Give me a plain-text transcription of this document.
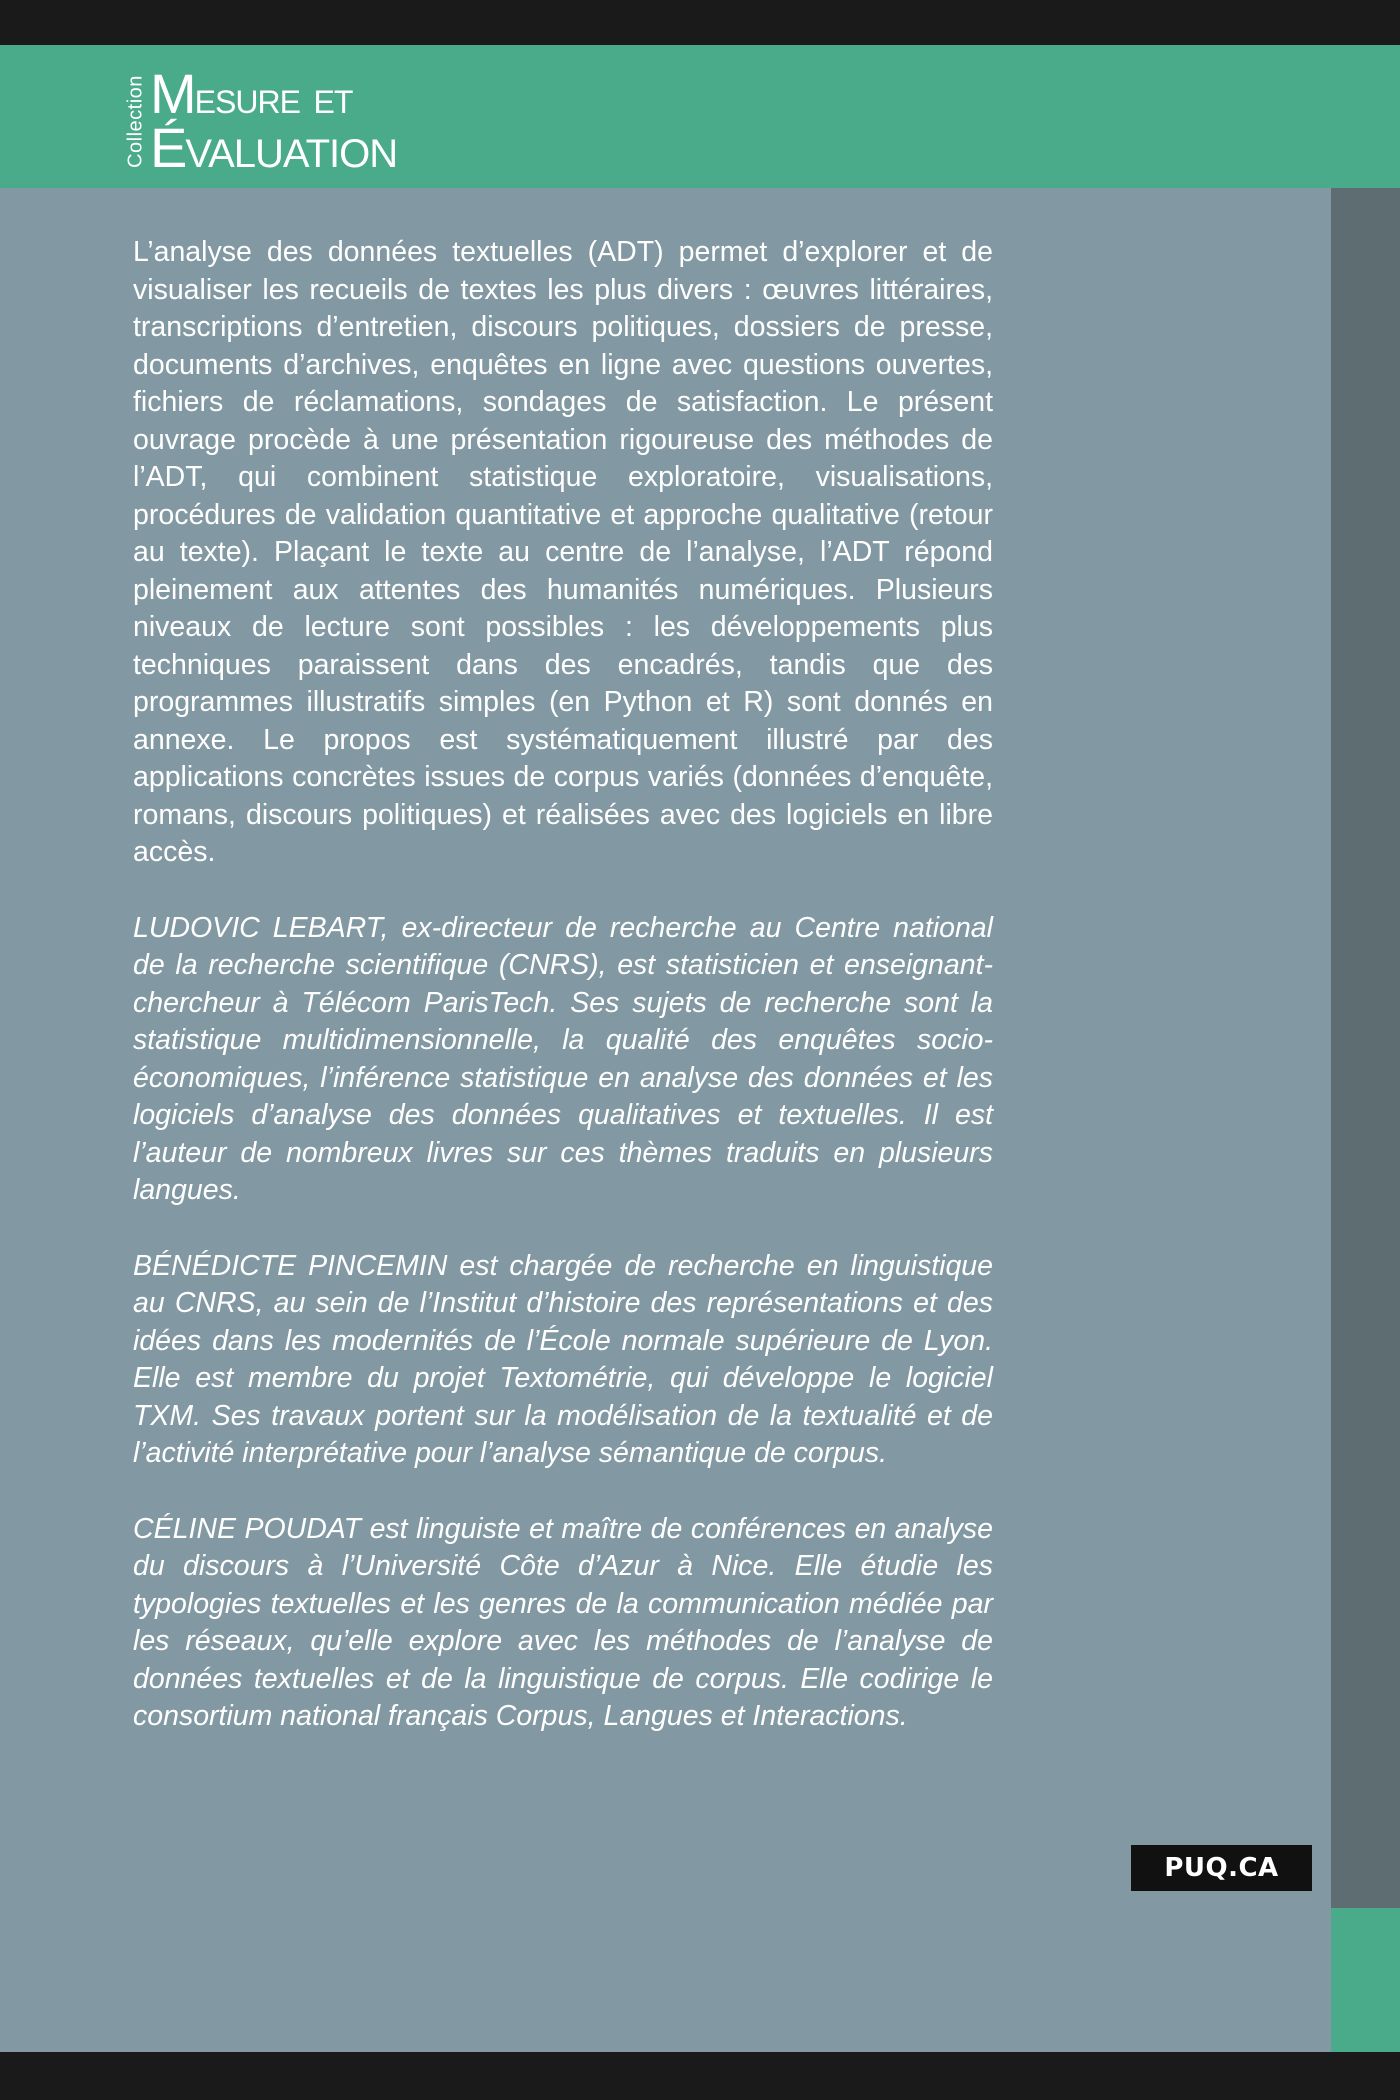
Collection MESURE ET
ÉVALUATION

L’analyse des données textuelles (ADT) permet d’explorer et de visualiser les recueils de textes les plus divers : œuvres littéraires, transcriptions d’entretien, discours politiques, dossiers de presse, documents d’archives, enquêtes en ligne avec questions ouvertes, fichiers de réclamations, sondages de satisfaction. Le présent ouvrage procède à une présentation rigoureuse des méthodes de l’ADT, qui combinent statistique exploratoire, visualisations, procédures de validation quantitative et approche qualitative (retour au texte). Plaçant le texte au centre de l’analyse, l’ADT répond pleinement aux attentes des humanités numériques. Plusieurs niveaux de lecture sont possibles : les développements plus techniques paraissent dans des encadrés, tandis que des programmes illustratifs simples (en Python et R) sont donnés en annexe. Le propos est systématiquement illustré par des applications concrètes issues de corpus variés (données d’enquête, romans, discours politiques) et réalisées avec des logiciels en libre accès.

LUDOVIC LEBART, ex-directeur de recherche au Centre national de la recherche scientifique (CNRS), est statisticien et enseignant-chercheur à Télécom ParisTech. Ses sujets de recherche sont la statistique multidimensionnelle, la qualité des enquêtes socio-économiques, l’inférence statistique en analyse des données et les logiciels d’analyse des données qualitatives et textuelles. Il est l’auteur de nombreux livres sur ces thèmes traduits en plusieurs langues.

BÉNÉDICTE PINCEMIN est chargée de recherche en linguistique au CNRS, au sein de l’Institut d’histoire des représentations et des idées dans les modernités de l’École normale supérieure de Lyon. Elle est membre du projet Textométrie, qui développe le logiciel TXM. Ses travaux portent sur la modélisation de la textualité et de l’activité interprétative pour l’analyse sémantique de corpus.

CÉLINE POUDAT est linguiste et maître de conférences en analyse du discours à l’Université Côte d’Azur à Nice. Elle étudie les typologies textuelles et les genres de la communication médiée par les réseaux, qu’elle explore avec les méthodes de l’analyse de données textuelles et de la linguistique de corpus. Elle codirige le consortium national français Corpus, Langues et Interactions.

PUQ.CA
